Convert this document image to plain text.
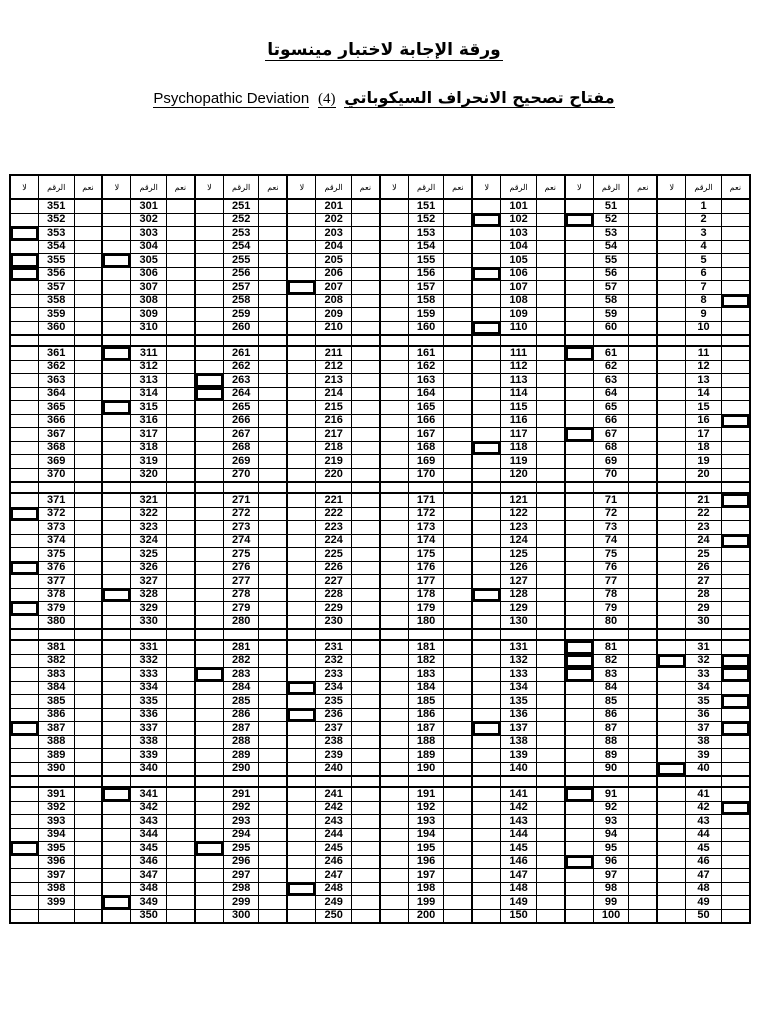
ورقة الإجابة لاختبار مينسوتا
Psychopathic Deviation (4) مفتاح تصحيح الانحراف السيكوباتي
لا	الرقم	نعم	لا	الرقم	نعم	لا	الرقم	نعم	لا	الرقم	نعم	لا	الرقم	نعم	لا	الرقم	نعم	لا	الرقم	نعم	لا	الرقم	نعم
	351			301			251			201			151			101			51			1	
	352			302			252			202			152			102			52			2	
	353			303			253			203			153			103			53			3	
	354			304			254			204			154			104			54			4	
	355			305			255			205			155			105			55			5	
	356			306			256			206			156			106			56			6	
	357			307			257			207			157			107			57			7	
	358			308			258			208			158			108			58			8	
	359			309			259			209			159			109			59			9	
	360			310			260			210			160			110			60			10	

	361			311			261			211			161			111			61			11	
	362			312			262			212			162			112			62			12	
	363			313			263			213			163			113			63			13	
	364			314			264			214			164			114			64			14	
	365			315			265			215			165			115			65			15	
	366			316			266			216			166			116			66			16	
	367			317			267			217			167			117			67			17	
	368			318			268			218			168			118			68			18	
	369			319			269			219			169			119			69			19	
	370			320			270			220			170			120			70			20	

	371			321			271			221			171			121			71			21	
	372			322			272			222			172			122			72			22	
	373			323			273			223			173			123			73			23	
	374			324			274			224			174			124			74			24	
	375			325			275			225			175			125			75			25	
	376			326			276			226			176			126			76			26	
	377			327			277			227			177			127			77			27	
	378			328			278			228			178			128			78			28	
	379			329			279			229			179			129			79			29	
	380			330			280			230			180			130			80			30	

	381			331			281			231			181			131			81			31	
	382			332			282			232			182			132			82			32	
	383			333			283			233			183			133			83			33	
	384			334			284			234			184			134			84			34	
	385			335			285			235			185			135			85			35	
	386			336			286			236			186			136			86			36	
	387			337			287			237			187			137			87			37	
	388			338			288			238			188			138			88			38	
	389			339			289			239			189			139			89			39	
	390			340			290			240			190			140			90			40	

	391			341			291			241			191			141			91			41	
	392			342			292			242			192			142			92			42	
	393			343			293			243			193			143			93			43	
	394			344			294			244			194			144			94			44	
	395			345			295			245			195			145			95			45	
	396			346			296			246			196			146			96			46	
	397			347			297			247			197			147			97			47	
	398			348			298			248			198			148			98			48	
	399			349			299			249			199			149			99			49	
				350			300			250			200			150			100			50	
